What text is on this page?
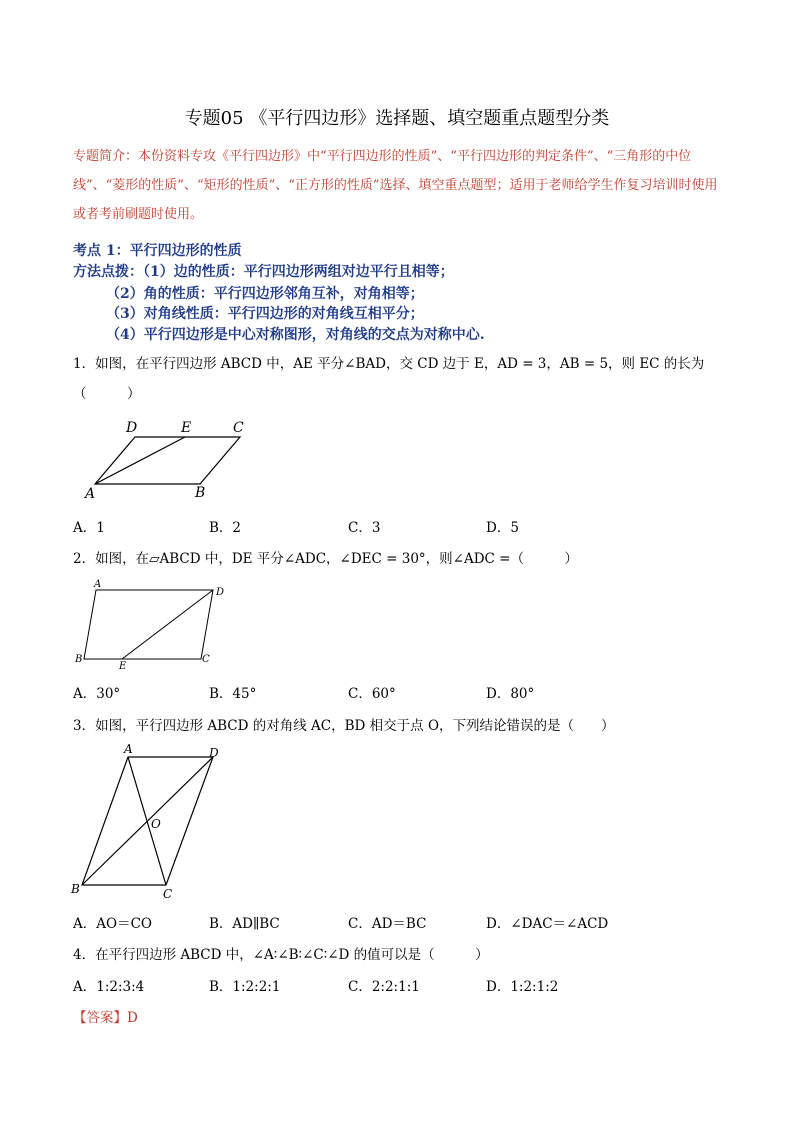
专题05 《平行四边形》选择题、填空题重点题型分类
专题简介：本份资料专攻《平行四边形》中“平行四边形的性质”、“平行四边形的判定条件”、“三角形的中位线”、“菱形的性质”、“矩形的性质”、“正方形的性质”选择、填空重点题型；适用于老师给学生作复习培训时使用或者考前刷题时使用。
考点 1：平行四边形的性质
方法点拨：（1）边的性质：平行四边形两组对边平行且相等；
（2）角的性质：平行四边形邻角互补，对角相等；
（3）对角线性质：平行四边形的对角线互相平分；
（4）平行四边形是中心对称图形，对角线的交点为对称中心.
1．如图，在平行四边形 ABCD 中，AE 平分∠BAD，交 CD 边于 E，AD = 3，AB = 5，则 EC 的长为
（　　　）
D	E	C
A	B
A．1	B．2	C．3	D．5
2．如图，在▱ABCD 中，DE 平分∠ADC，∠DEC = 30°，则∠ADC =（　　　）
A
D
B
E
C
A．30°	B．45°	C．60°	D．80°
3．如图，平行四边形 ABCD 的对角线 AC，BD 相交于点 O，下列结论错误的是（　　）
A	D
O
B	C
A．AO＝CO	B．AD∥BC	C．AD＝BC	D．∠DAC＝∠ACD
4．在平行四边形 ABCD 中，∠A∶∠B∶∠C∶∠D 的值可以是（　　　）
A．1:2:3:4	B．1:2:2:1	C．2:2:1:1	D．1:2:1:2
【答案】D
